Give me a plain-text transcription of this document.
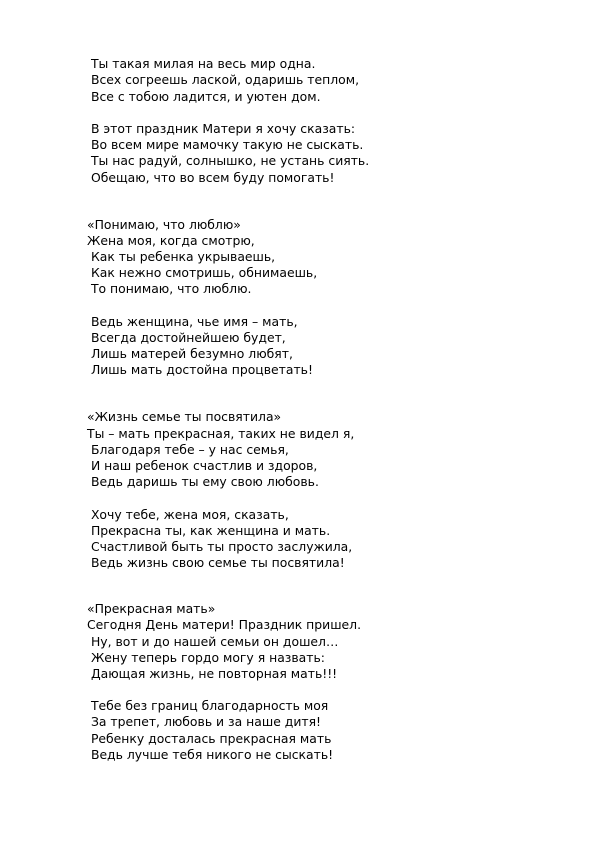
Ты такая милая на весь мир одна.

Всех согреешь лаской, одаришь теплом,

Все с тобою ладится, и уютен дом.

В этот праздник Матери я хочу сказать:

Во всем мире мамочку такую не сыскать.

Ты нас радуй, солнышко, не устань сиять.

Обещаю, что во всем буду помогать!

«Понимаю, что люблю»

Жена моя, когда смотрю,

Как ты ребенка укрываешь,

Как нежно смотришь, обнимаешь,

То понимаю, что люблю.

Ведь женщина, чье имя – мать,

Всегда достойнейшею будет,

Лишь матерей безумно любят,

Лишь мать достойна процветать!

«Жизнь семье ты посвятила»

Ты – мать прекрасная, таких не видел я,

Благодаря тебе – у нас семья,

И наш ребенок счастлив и здоров,

Ведь даришь ты ему свою любовь.

Хочу тебе, жена моя, сказать,

Прекрасна ты, как женщина и мать.

Счастливой быть ты просто заслужила,

Ведь жизнь свою семье ты посвятила!

«Прекрасная мать»

Сегодня День матери! Праздник пришел.

Ну, вот и до нашей семьи он дошел…

Жену теперь гордо могу я назвать:

Дающая жизнь, не повторная мать!!!

Тебе без границ благодарность моя

За трепет, любовь и за наше дитя!

Ребенку досталась прекрасная мать

Ведь лучше тебя никого не сыскать!
